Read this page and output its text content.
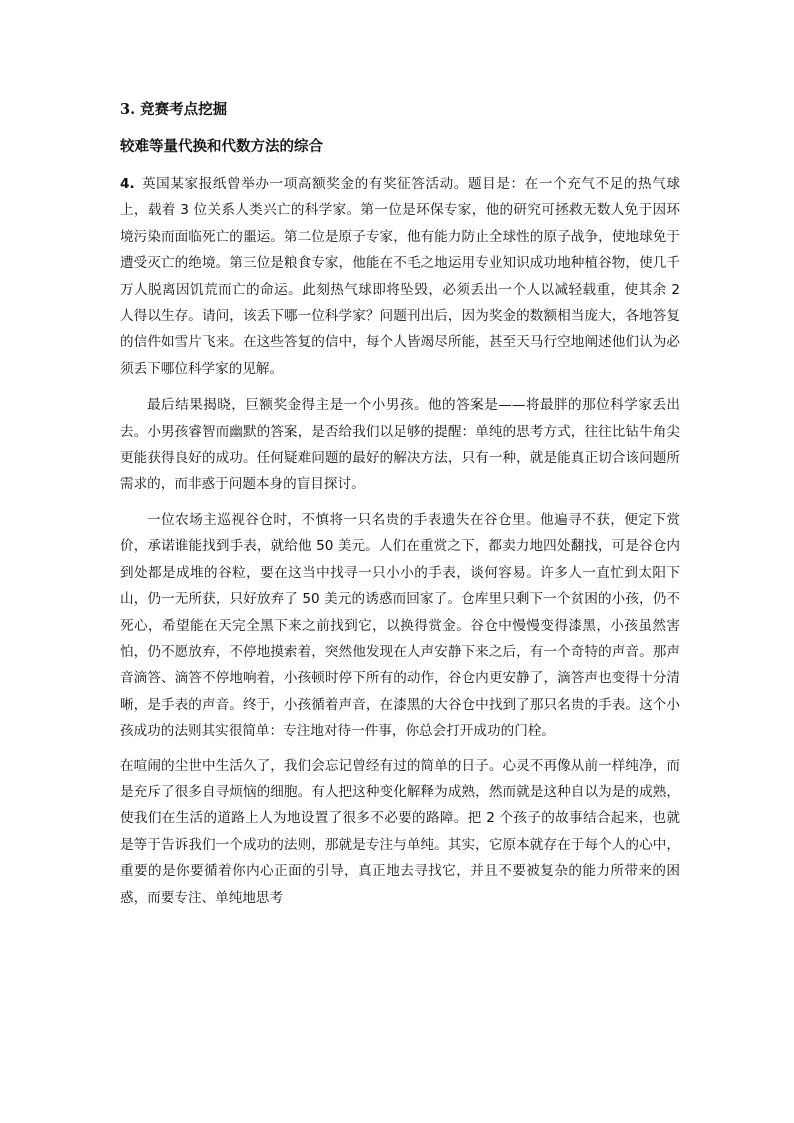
3. 竞赛考点挖掘
较难等量代换和代数方法的综合

4.  英国某家报纸曾举办一项高额奖金的有奖征答活动。题目是：在一个充气不足的热气球上，载着 3 位关系人类兴亡的科学家。第一位是环保专家，他的研究可拯救无数人免于因环境污染而面临死亡的噩运。第二位是原子专家，他有能力防止全球性的原子战争，使地球免于遭受灭亡的绝境。第三位是粮食专家，他能在不毛之地运用专业知识成功地种植谷物，使几千万人脱离因饥荒而亡的命运。此刻热气球即将坠毁，必须丢出一个人以减轻载重，使其余 2 人得以生存。请问，该丢下哪一位科学家？问题刊出后，因为奖金的数额相当庞大，各地答复的信件如雪片飞来。在这些答复的信中，每个人皆竭尽所能，甚至天马行空地阐述他们认为必须丢下哪位科学家的见解。

最后结果揭晓，巨额奖金得主是一个小男孩。他的答案是——将最胖的那位科学家丢出去。小男孩睿智而幽默的答案，是否给我们以足够的提醒：单纯的思考方式，往往比钻牛角尖更能获得良好的成功。任何疑难问题的最好的解决方法，只有一种，就是能真正切合该问题所需求的，而非惑于问题本身的盲目探讨。

一位农场主巡视谷仓时，不慎将一只名贵的手表遗失在谷仓里。他遍寻不获，便定下赏价，承诺谁能找到手表，就给他 50 美元。人们在重赏之下，都卖力地四处翻找，可是谷仓内到处都是成堆的谷粒，要在这当中找寻一只小小的手表，谈何容易。许多人一直忙到太阳下山，仍一无所获，只好放弃了 50 美元的诱惑而回家了。仓库里只剩下一个贫困的小孩，仍不死心，希望能在天完全黑下来之前找到它，以换得赏金。谷仓中慢慢变得漆黑，小孩虽然害怕，仍不愿放弃，不停地摸索着，突然他发现在人声安静下来之后，有一个奇特的声音。那声音滴答、滴答不停地响着，小孩顿时停下所有的动作，谷仓内更安静了，滴答声也变得十分清晰，是手表的声音。终于，小孩循着声音，在漆黑的大谷仓中找到了那只名贵的手表。这个小孩成功的法则其实很简单：专注地对待一件事，你总会打开成功的门栓。

在喧闹的尘世中生活久了，我们会忘记曾经有过的简单的日子。心灵不再像从前一样纯净，而是充斥了很多自寻烦恼的细胞。有人把这种变化解释为成熟，然而就是这种自以为是的成熟，使我们在生活的道路上人为地设置了很多不必要的路障。把 2 个孩子的故事结合起来，也就是等于告诉我们一个成功的法则，那就是专注与单纯。其实，它原本就存在于每个人的心中，重要的是你要循着你内心正面的引导，真正地去寻找它，并且不要被复杂的能力所带来的困惑，而要专注、单纯地思考
